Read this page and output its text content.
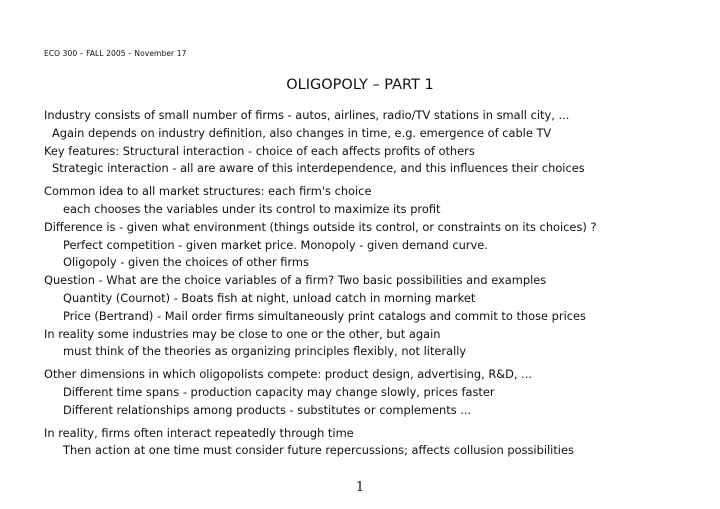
ECO 300 – FALL 2005 – November 17
OLIGOPOLY – PART 1
Industry consists of small number of firms - autos, airlines, radio/TV stations in small city, ...
Again depends on industry definition, also changes in time, e.g. emergence of cable TV
Key features: Structural interaction - choice of each affects profits of others
Strategic interaction - all are aware of this interdependence, and this influences their choices
Common idea to all market structures: each firm's choice
each chooses the variables under its control to maximize its profit
Difference is - given what environment (things outside its control, or constraints on its choices) ?
Perfect competition - given market price. Monopoly - given demand curve.
Oligopoly - given the choices of other firms
Question - What are the choice variables of a firm? Two basic possibilities and examples
Quantity (Cournot) - Boats fish at night, unload catch in morning market
Price (Bertrand) - Mail order firms simultaneously print catalogs and commit to those prices
In reality some industries may be close to one or the other, but again
must think of the theories as organizing principles flexibly, not literally
Other dimensions in which oligopolists compete: product design, advertising, R&D, ...
Different time spans - production capacity may change slowly, prices faster
Different relationships among products - substitutes or complements ...
In reality, firms often interact repeatedly through time
Then action at one time must consider future repercussions; affects collusion possibilities
1
